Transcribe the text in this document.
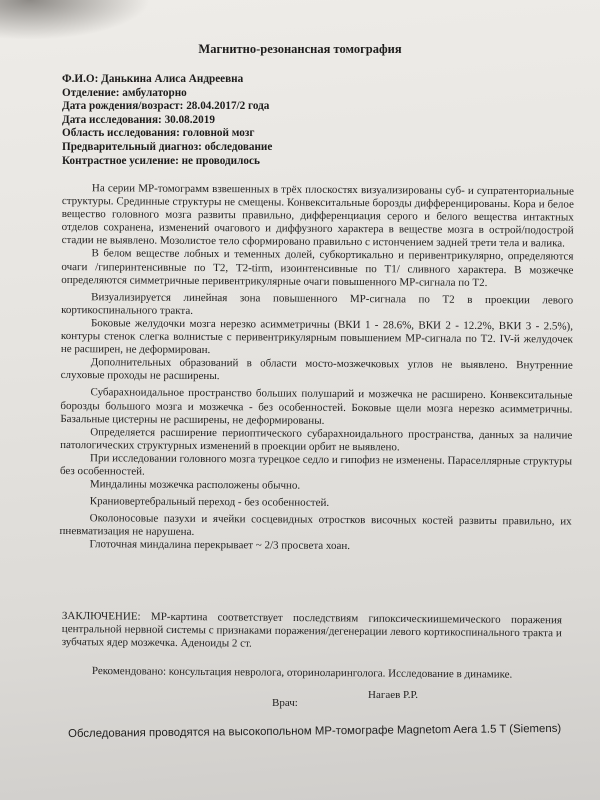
Магнитно-резонансная томография
Ф.И.О: Данькина Алиса Андреевна
Отделение: амбулаторно
Дата рождения/возраст: 28.04.2017/2 года
Дата исследования: 30.08.2019
Область исследования: головной мозг
Предварительный диагноз: обследование
Контрастное усиление: не проводилось

На серии МР-томограмм взвешенных в трёх плоскостях визуализированы суб- и супратенториальные структуры. Срединные структуры не смещены. Конвекситальные борозды дифференцированы. Кора и белое вещество головного мозга развиты правильно, дифференциация серого и белого вещества интактных отделов сохранена, изменений очагового и диффузного характера в веществе мозга в острой/подострой стадии не выявлено. Мозолистое тело сформировано правильно с истончением задней трети тела и валика.

В белом веществе лобных и теменных долей, субкортикально и перивентрикулярно, определяются очаги /гиперинтенсивные по Т2, Т2-tirm, изоинтенсивные по Т1/ сливного характера. В мозжечке определяются симметричные перивентрикулярные очаги повышенного МР-сигнала по Т2.

Визуализируется линейная зона повышенного МР-сигнала по Т2 в проекции левого кортикоспинального тракта.

Боковые желудочки мозга нерезко асимметричны (ВКИ 1 - 28.6%, ВКИ 2 - 12.2%, ВКИ 3 - 2.5%), контуры стенок слегка волнистые с перивентрикулярным повышением МР-сигнала по Т2. IV-й желудочек не расширен, не деформирован.

Дополнительных образований в области мосто-мозжечковых углов не выявлено. Внутренние слуховые проходы не расширены.

Субарахноидальное пространство больших полушарий и мозжечка не расширено. Конвекситальные борозды большого мозга и мозжечка - без особенностей. Боковые щели мозга нерезко асимметричны. Базальные цистерны не расширены, не деформированы.

Определяется расширение периоптического субарахноидального пространства, данных за наличие патологических структурных изменений в проекции орбит не выявлено.

При исследовании головного мозга турецкое седло и гипофиз не изменены. Параселлярные структуры без особенностей.

Миндалины мозжечка расположены обычно.

Краниовертебральный переход - без особенностей.

Околоносовые пазухи и ячейки сосцевидных отростков височных костей развиты правильно, их пневматизация не нарушена.

Глоточная миндалина перекрывает ~ 2/3 просвета хоан.

ЗАКЛЮЧЕНИЕ: МР-картина соответствует последствиям гипоксическиишемического поражения центральной нервной системы с признаками поражения/дегенерации левого кортикоспинального тракта и зубчатых ядер мозжечка. Аденоиды 2 ст.
Рекомендовано: консультация невролога, оториноларинголога. Исследование в динамике.
Врач:
Нагаев Р.Р.
Обследования проводятся на высокопольном МР-томографе Magnetom Aera 1.5 T (Siemens)
